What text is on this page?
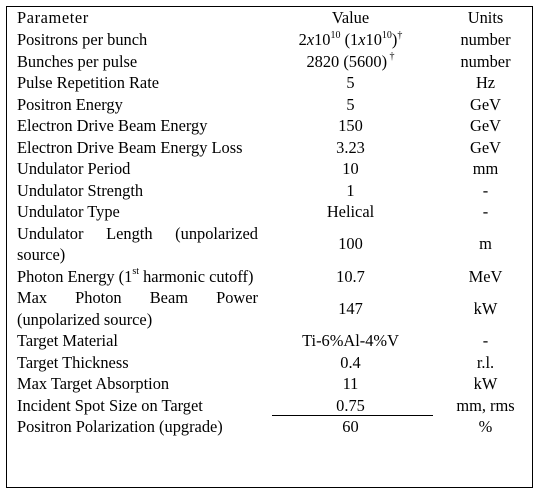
Parameter	Value	Units
Positrons per bunch	$2x10^{10}$ $(1x10^{10})^\dagger$	number
Bunches per pulse	2820 (5600) †	number
Pulse Repetition Rate	5	Hz
Positron Energy	5	GeV
Electron Drive Beam Energy	150	GeV
Electron Drive Beam Energy Loss	3.23	GeV
Undulator Period	10	mm
Undulator Strength	1	-
Undulator Type	Helical	-
Undulator Length (unpolarized source)	100	m
Photon Energy (1st harmonic cutoff)	10.7	MeV
Max Photon Beam Power (unpolarized source)	147	kW
Target Material	Ti-6%Al-4%V	-
Target Thickness	0.4	r.l.
Max Target Absorption	11	kW
Incident Spot Size on Target	0.75	mm, rms
Positron Polarization (upgrade)	60	%
